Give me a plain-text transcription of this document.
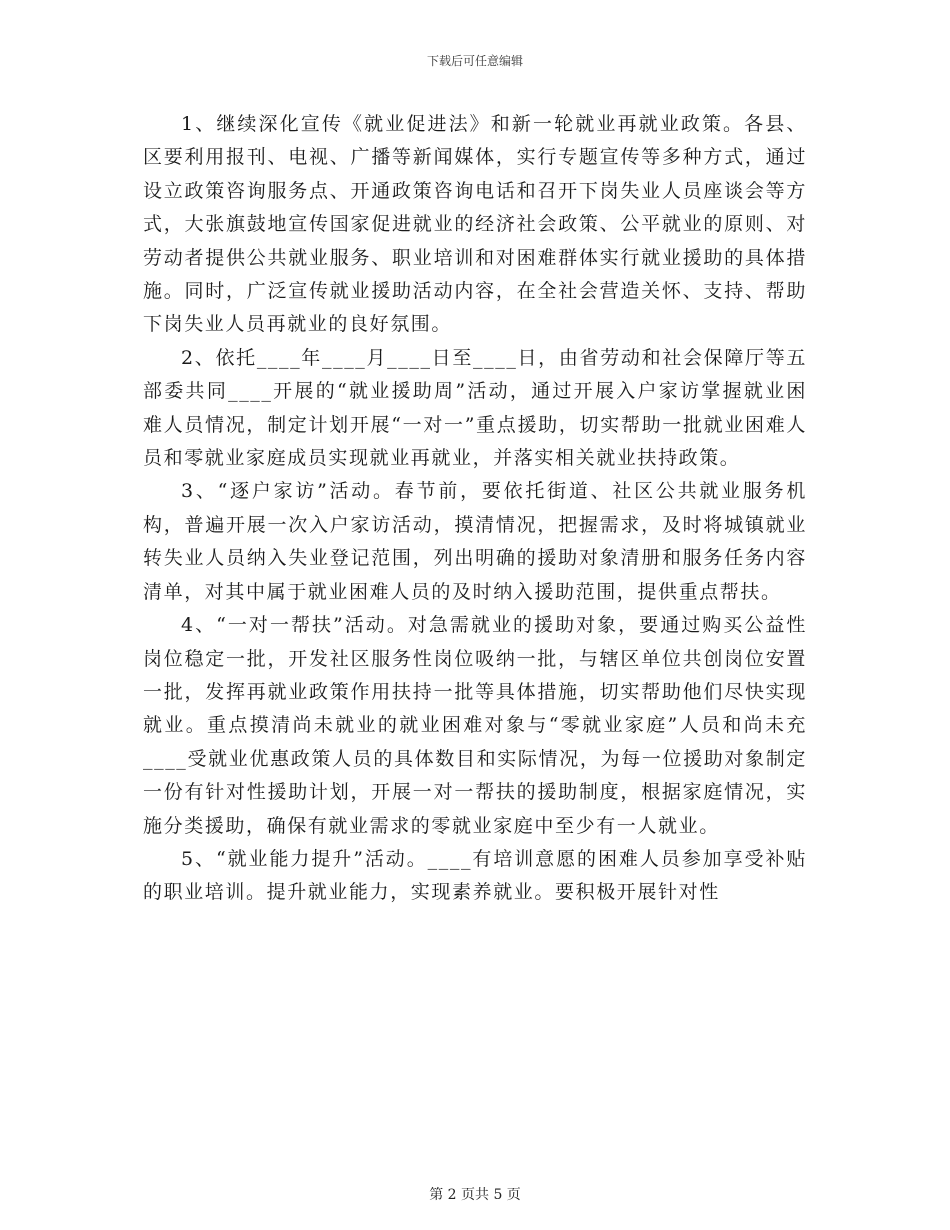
下载后可任意编辑

1、继续深化宣传《就业促进法》和新一轮就业再就业政策。各县、区要利用报刊、电视、广播等新闻媒体，实行专题宣传等多种方式，通过设立政策咨询服务点、开通政策咨询电话和召开下岗失业人员座谈会等方式，大张旗鼓地宣传国家促进就业的经济社会政策、公平就业的原则、对劳动者提供公共就业服务、职业培训和对困难群体实行就业援助的具体措施。同时，广泛宣传就业援助活动内容，在全社会营造关怀、支持、帮助下岗失业人员再就业的良好氛围。

2、依托____年____月____日至____日，由省劳动和社会保障厅等五部委共同____开展的“就业援助周”活动，通过开展入户家访掌握就业困难人员情况，制定计划开展“一对一”重点援助，切实帮助一批就业困难人员和零就业家庭成员实现就业再就业，并落实相关就业扶持政策。

3、“逐户家访”活动。春节前，要依托街道、社区公共就业服务机构，普遍开展一次入户家访活动，摸清情况，把握需求，及时将城镇就业转失业人员纳入失业登记范围，列出明确的援助对象清册和服务任务内容清单，对其中属于就业困难人员的及时纳入援助范围，提供重点帮扶。

4、“一对一帮扶”活动。对急需就业的援助对象，要通过购买公益性岗位稳定一批，开发社区服务性岗位吸纳一批，与辖区单位共创岗位安置一批，发挥再就业政策作用扶持一批等具体措施，切实帮助他们尽快实现就业。重点摸清尚未就业的就业困难对象与“零就业家庭”人员和尚未充____受就业优惠政策人员的具体数目和实际情况，为每一位援助对象制定一份有针对性援助计划，开展一对一帮扶的援助制度，根据家庭情况，实施分类援助，确保有就业需求的零就业家庭中至少有一人就业。

5、“就业能力提升”活动。____有培训意愿的困难人员参加享受补贴的职业培训。提升就业能力，实现素养就业。要积极开展针对性

第 2 页共 5 页
